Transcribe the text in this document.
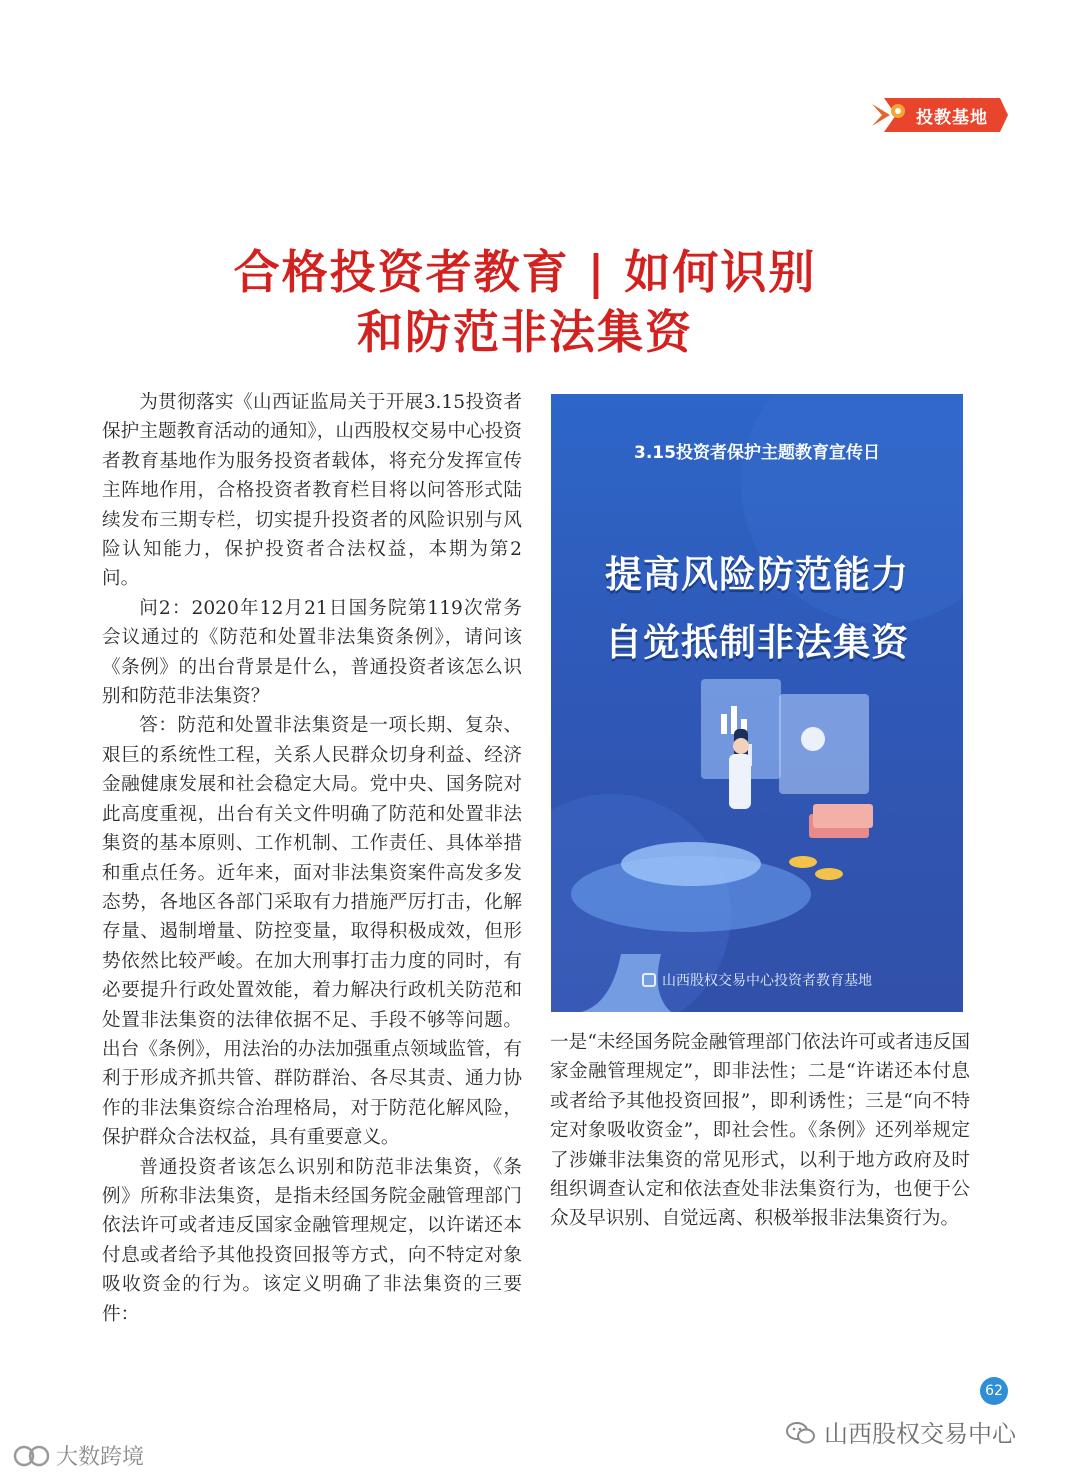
投教基地
合格投资者教育 | 如何识别
和防范非法集资

为贯彻落实《山西证监局关于开展3.15投资者保护主题教育活动的通知》，山西股权交易中心投资者教育基地作为服务投资者载体，将充分发挥宣传主阵地作用，合格投资者教育栏目将以问答形式陆续发布三期专栏，切实提升投资者的风险识别与风险认知能力，保护投资者合法权益，本期为第2问。

问2：2020年12月21日国务院第119次常务会议通过的《防范和处置非法集资条例》，请问该《条例》的出台背景是什么，普通投资者该怎么识别和防范非法集资？

答：防范和处置非法集资是一项长期、复杂、艰巨的系统性工程，关系人民群众切身利益、经济金融健康发展和社会稳定大局。党中央、国务院对此高度重视，出台有关文件明确了防范和处置非法集资的基本原则、工作机制、工作责任、具体举措和重点任务。近年来，面对非法集资案件高发多发态势，各地区各部门采取有力措施严厉打击，化解存量、遏制增量、防控变量，取得积极成效，但形势依然比较严峻。在加大刑事打击力度的同时，有必要提升行政处置效能，着力解决行政机关防范和处置非法集资的法律依据不足、手段不够等问题。出台《条例》，用法治的办法加强重点领域监管，有利于形成齐抓共管、群防群治、各尽其责、通力协作的非法集资综合治理格局，对于防范化解风险，保护群众合法权益，具有重要意义。

普通投资者该怎么识别和防范非法集资，《条例》所称非法集资，是指未经国务院金融管理部门依法许可或者违反国家金融管理规定，以许诺还本付息或者给予其他投资回报等方式，向不特定对象吸收资金的行为。该定义明确了非法集资的三要件：

3.15投资者保护主题教育宣传日
提高风险防范能力
自觉抵制非法集资
山西股权交易中心投资者教育基地

一是“未经国务院金融管理部门依法许可或者违反国家金融管理规定”，即非法性；二是“许诺还本付息或者给予其他投资回报”，即利诱性；三是“向不特定对象吸收资金”，即社会性。《条例》还列举规定了涉嫌非法集资的常见形式，以利于地方政府及时组织调查认定和依法查处非法集资行为，也便于公众及早识别、自觉远离、积极举报非法集资行为。

62
山西股权交易中心
大数跨境
